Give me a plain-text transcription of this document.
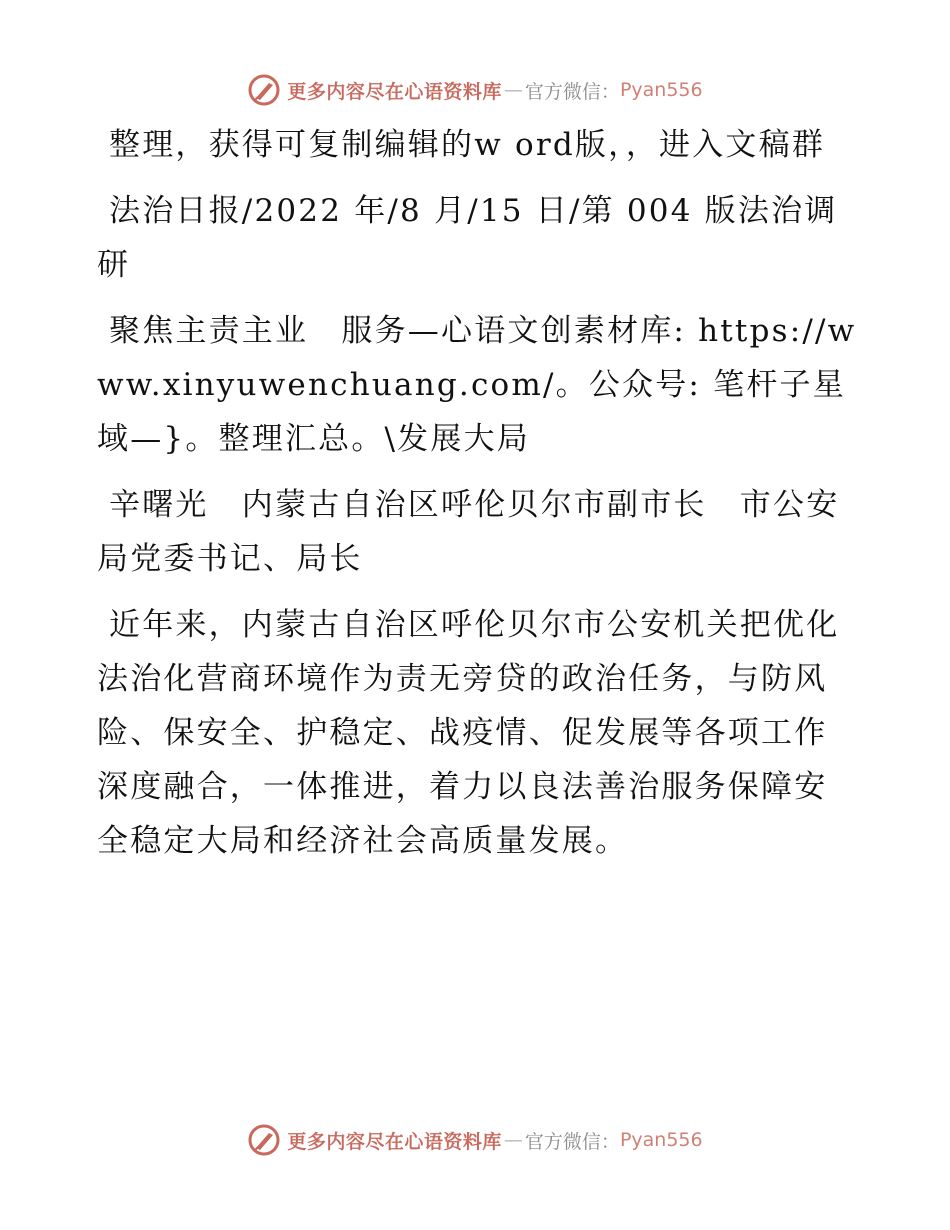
更多内容尽在心语资料库 — 官方微信： Pyan556

整理，获得可复制编辑的w ord版，，进入文稿群

法治日报/2022 年/8 月/15 日/第 004 版法治调研

聚焦主责主业　服务—心语文创素材库: https://www.xinyuwenchuang.com/。公众号: 笔杆子星域—}。整理汇总。\发展大局

辛曙光　内蒙古自治区呼伦贝尔市副市长　市公安局党委书记、局长

近年来，内蒙古自治区呼伦贝尔市公安机关把优化法治化营商环境作为责无旁贷的政治任务，与防风险、保安全、护稳定、战疫情、促发展等各项工作深度融合，一体推进，着力以良法善治服务保障安全稳定大局和经济社会高质量发展。

更多内容尽在心语资料库 — 官方微信： Pyan556
